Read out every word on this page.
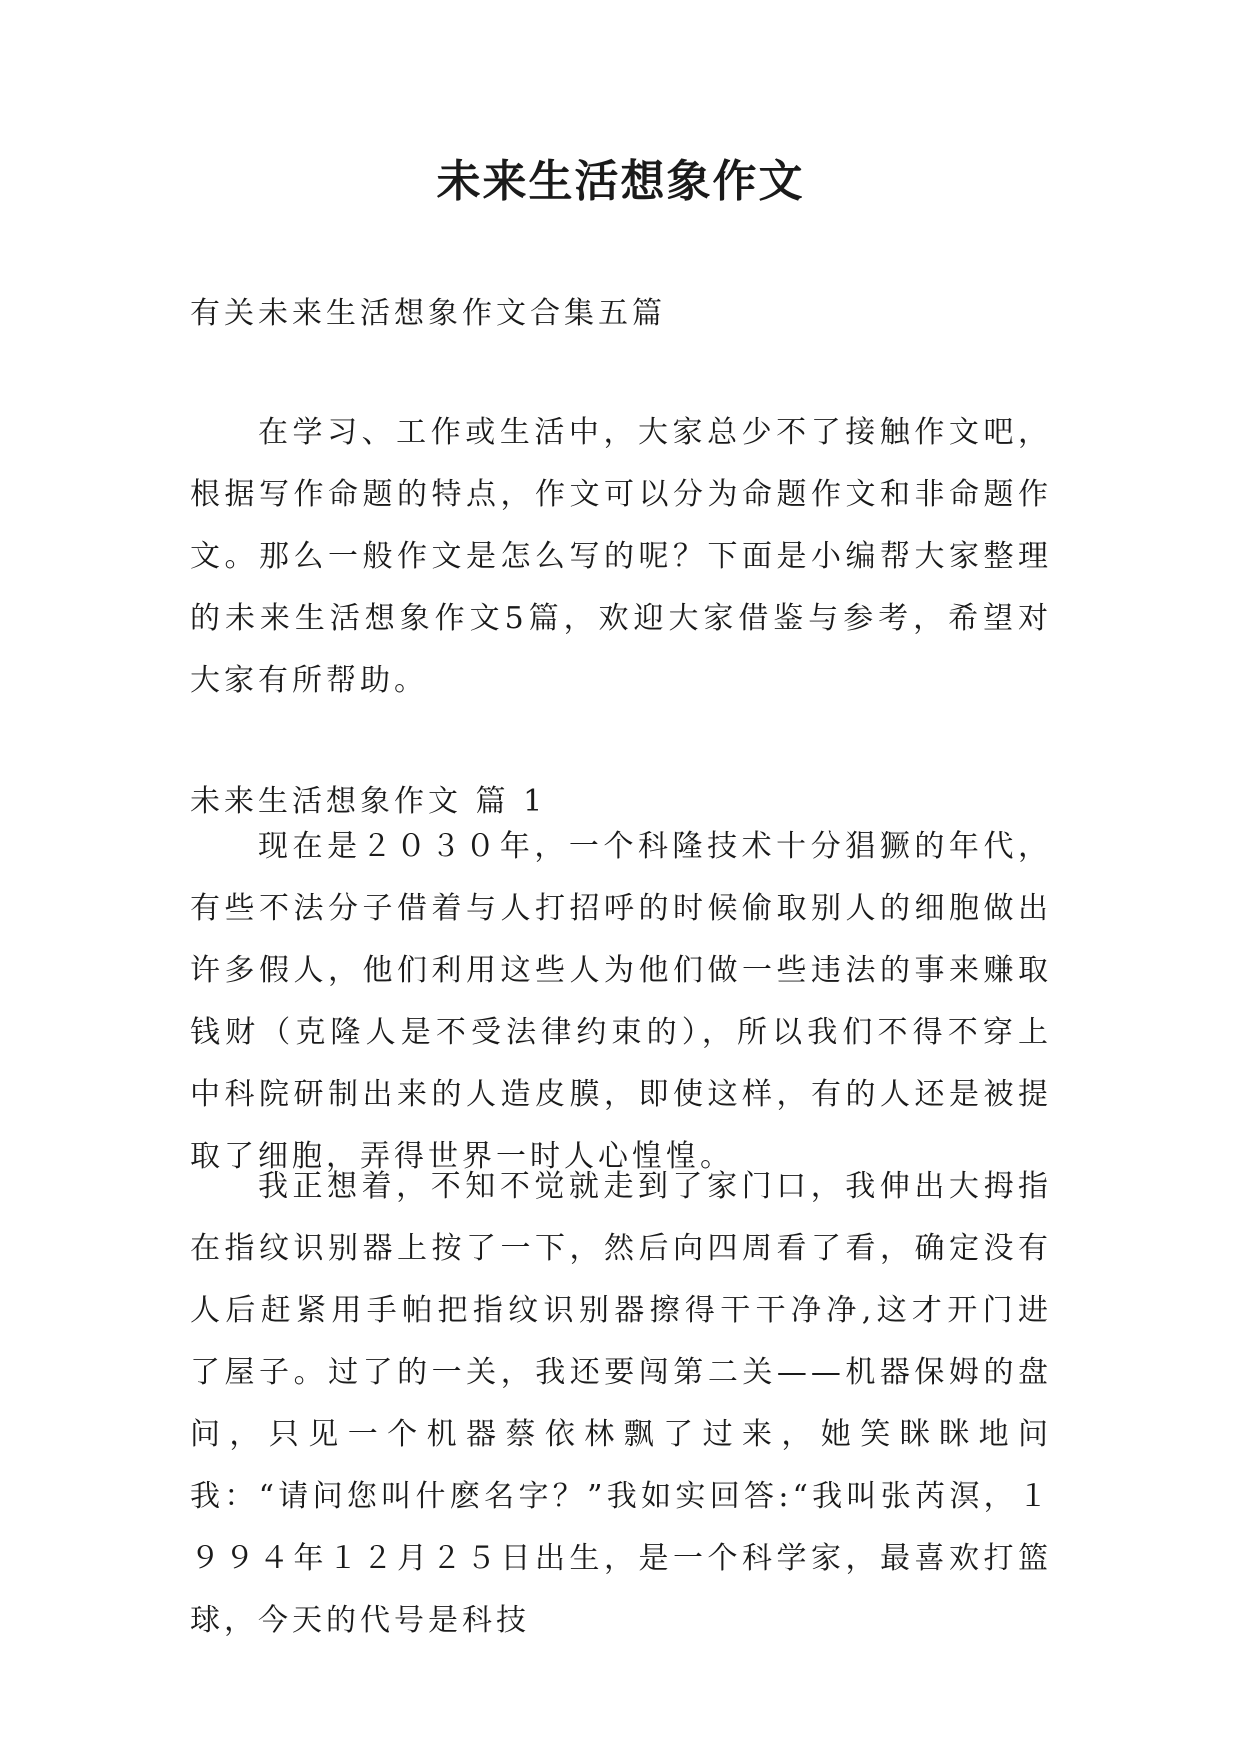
未来生活想象作文

有关未来生活想象作文合集五篇

在学习、工作或生活中，大家总少不了接触作文吧，根据写作命题的特点，作文可以分为命题作文和非命题作文。那么一般作文是怎么写的呢？下面是小编帮大家整理的未来生活想象作文5篇，欢迎大家借鉴与参考，希望对大家有所帮助。

未来生活想象作文 篇 1

现在是２０３０年，一个科隆技术十分猖獗的年代，有些不法分子借着与人打招呼的时候偷取别人的细胞做出许多假人，他们利用这些人为他们做一些违法的事来赚取钱财（克隆人是不受法律约束的），所以我们不得不穿上中科院研制出来的人造皮膜，即使这样，有的人还是被提取了细胞，弄得世界一时人心惶惶。

我正想着，不知不觉就走到了家门口，我伸出大拇指在指纹识别器上按了一下，然后向四周看了看，确定没有人后赶紧用手帕把指纹识别器擦得干干净净,这才开门进了屋子。过了的一关，我还要闯第二关——机器保姆的盘问，只见一个机器蔡依林飘了过来，她笑眯眯地问我：“请问您叫什麽名字？”我如实回答:“我叫张芮溟，１９９４年１２月２５日出生，是一个科学家，最喜欢打篮球，今天的代号是科技
